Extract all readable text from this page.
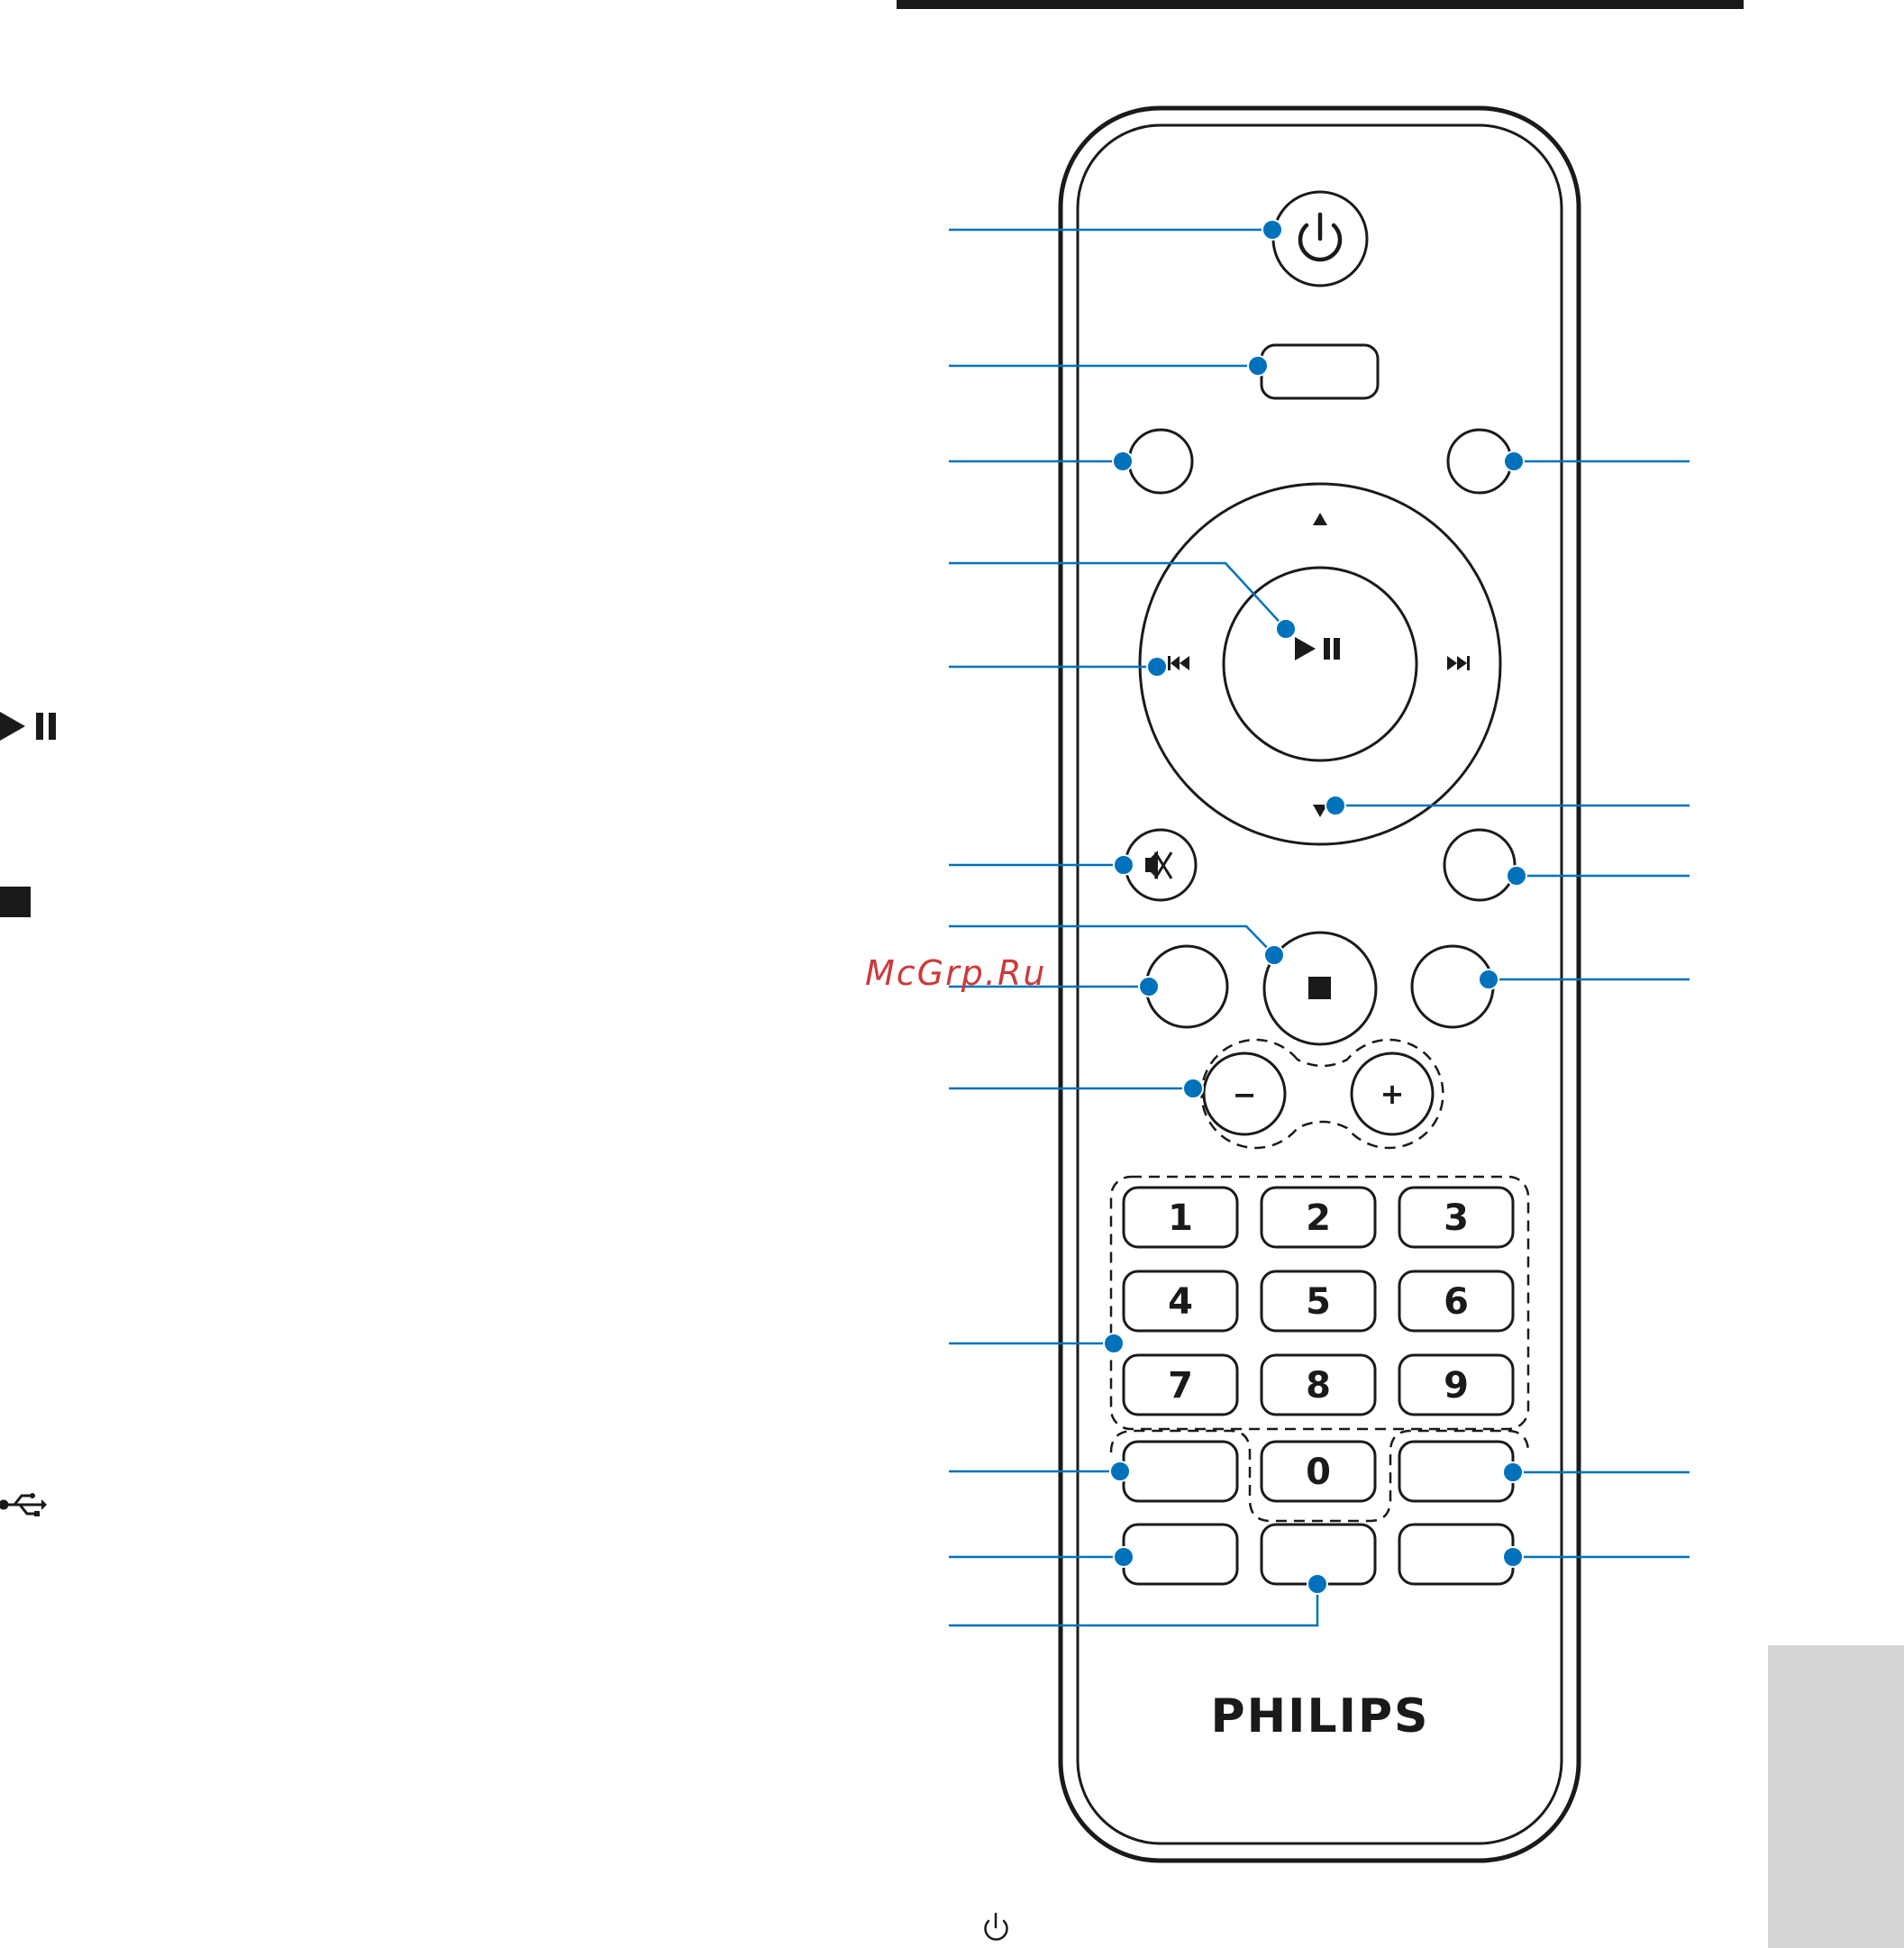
−	+
1	2	3
4	5	6
7	8	9
0
PHILIPS
McGrp.Ru
